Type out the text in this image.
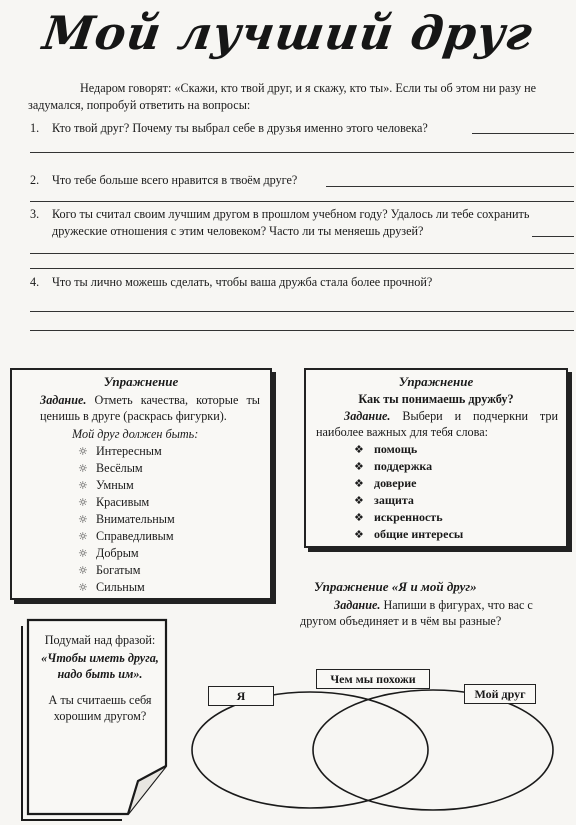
Мой лучший друг
Недаром говорят: «Скажи, кто твой друг, и я скажу, кто ты». Если ты об этом ни разу не задумался, попробуй ответить на вопросы:
1. Кто твой друг? Почему ты выбрал себе в друзья именно этого человека?
2. Что тебе больше всего нравится в твоём друге?
3. Кого ты считал своим лучшим другом в прошлом учебном году? Удалось ли тебе сохранить дружеские отношения с этим человеком? Часто ли ты меняешь друзей?
4. Что ты лично можешь сделать, чтобы ваша дружба стала более прочной?
Упражнение
Задание. Отметь качества, которые ты ценишь в друге (раскрась фигурки).
Мой друг должен быть:
☼ Интересным
☼ Весёлым
☼ Умным
☼ Красивым
☼ Внимательным
☼ Справедливым
☼ Добрым
☼ Богатым
☼ Сильным
Упражнение
Как ты понимаешь дружбу?
Задание. Выбери и подчеркни три наиболее важных для тебя слова:
❖ помощь
❖ поддержка
❖ доверие
❖ защита
❖ искренность
❖ общие интересы
Упражнение «Я и мой друг»
Задание. Напиши в фигурах, что вас с другом объединяет и в чём вы разные?
Подумай над фразой:
«Чтобы иметь друга, надо быть им».
А ты считаешь себя хорошим другом?
Я
Чем мы похожи
Мой друг
